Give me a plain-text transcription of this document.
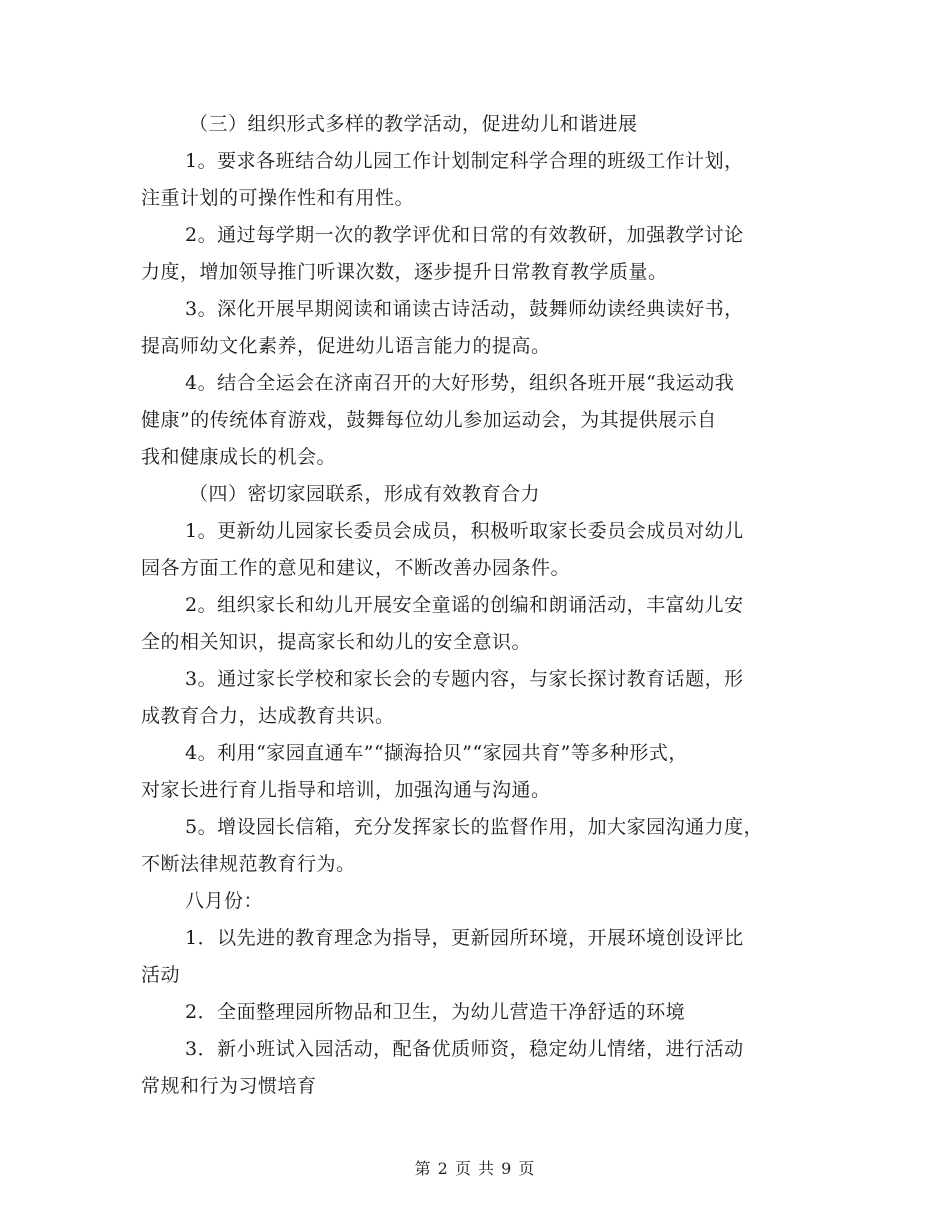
（三）组织形式多样的教学活动，促进幼儿和谐进展
1。要求各班结合幼儿园工作计划制定科学合理的班级工作计划，
注重计划的可操作性和有用性。
2。通过每学期一次的教学评优和日常的有效教研，加强教学讨论
力度，增加领导推门听课次数，逐步提升日常教育教学质量。
3。深化开展早期阅读和诵读古诗活动，鼓舞师幼读经典读好书，
提高师幼文化素养，促进幼儿语言能力的提高。
4。结合全运会在济南召开的大好形势，组织各班开展“我运动我
健康”的传统体育游戏，鼓舞每位幼儿参加运动会，为其提供展示自
我和健康成长的机会。
（四）密切家园联系，形成有效教育合力
1。更新幼儿园家长委员会成员，积极听取家长委员会成员对幼儿
园各方面工作的意见和建议，不断改善办园条件。
2。组织家长和幼儿开展安全童谣的创编和朗诵活动，丰富幼儿安
全的相关知识，提高家长和幼儿的安全意识。
3。通过家长学校和家长会的专题内容，与家长探讨教育话题，形
成教育合力，达成教育共识。
4。利用“家园直通车”“撷海拾贝”“家园共育”等多种形式，
对家长进行育儿指导和培训，加强沟通与沟通。
5。增设园长信箱，充分发挥家长的监督作用，加大家园沟通力度，
不断法律规范教育行为。
八月份：
1．以先进的教育理念为指导，更新园所环境，开展环境创设评比
活动
2．全面整理园所物品和卫生，为幼儿营造干净舒适的环境
3．新小班试入园活动，配备优质师资，稳定幼儿情绪，进行活动
常规和行为习惯培育
第 2 页 共 9 页
